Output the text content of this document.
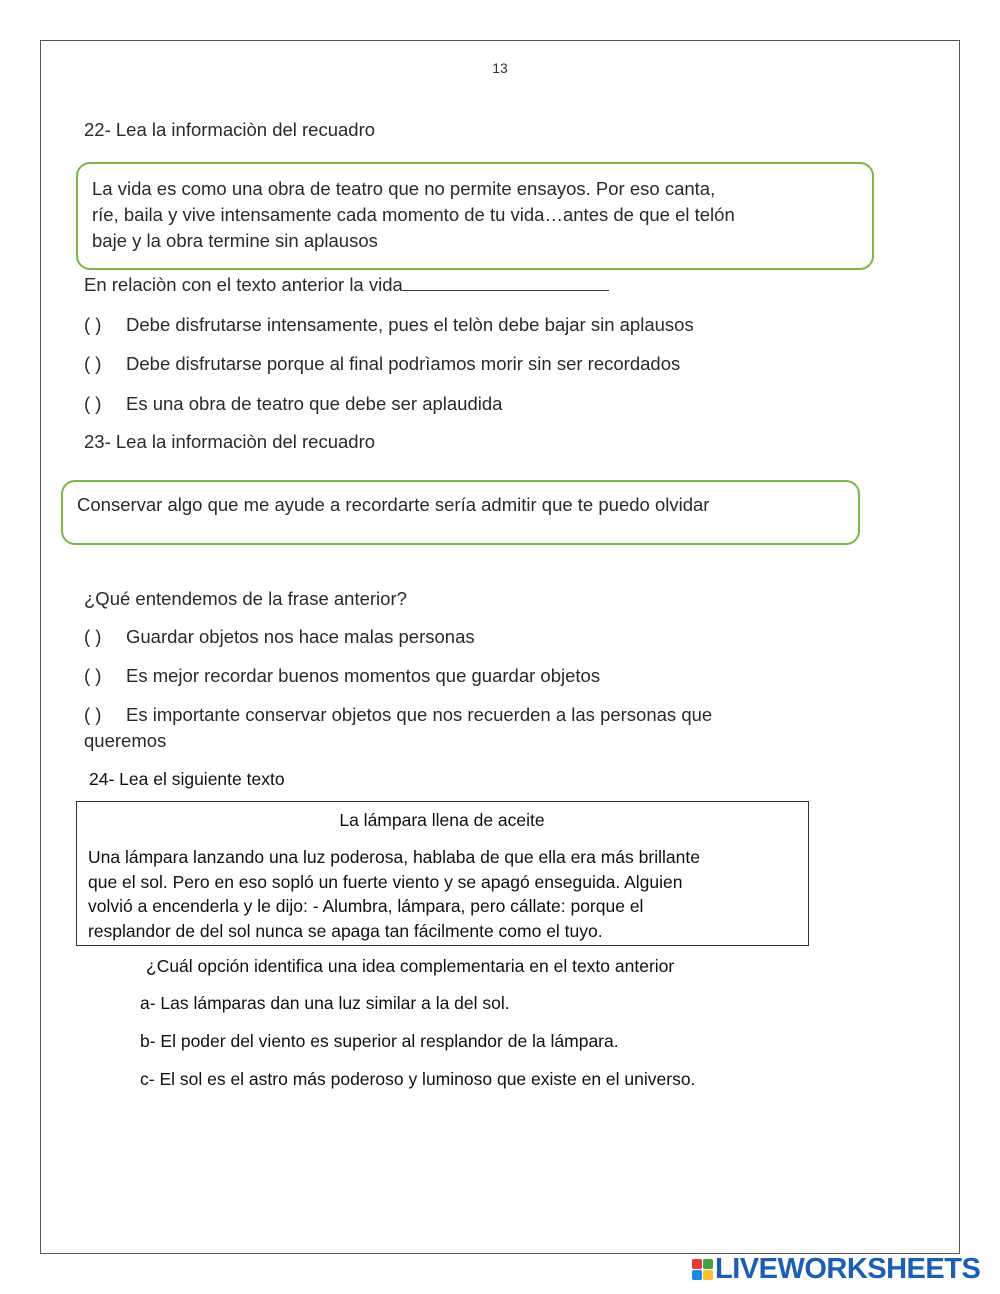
13
22- Lea la informaciòn del recuadro
La vida es como una obra de teatro que no permite ensayos. Por eso canta,
ríe, baila y vive intensamente cada momento de tu vida…antes de que el telón
baje y la obra termine sin aplausos
En relaciòn con el texto anterior la vida
( ) Debe disfrutarse intensamente, pues el telòn debe bajar sin aplausos
( ) Debe disfrutarse porque al final podrìamos morir sin ser recordados
( ) Es una obra de teatro que debe ser aplaudida
23- Lea la informaciòn del recuadro
Conservar algo que me ayude a recordarte sería admitir que te puedo olvidar
¿Qué entendemos de la frase anterior?
( ) Guardar objetos nos hace malas personas
( ) Es mejor recordar buenos momentos que guardar objetos
( ) Es importante conservar objetos que nos recuerden a las personas que
queremos
24- Lea el siguiente texto
La lámpara llena de aceite
Una lámpara lanzando una luz poderosa, hablaba de que ella era más brillante
que el sol. Pero en eso sopló un fuerte viento y se apagó enseguida. Alguien
volvió a encenderla y le dijo: - Alumbra, lámpara, pero cállate: porque el
resplandor de del sol nunca se apaga tan fácilmente como el tuyo.
¿Cuál opción identifica una idea complementaria en el texto anterior
a- Las lámparas dan una luz similar a la del sol.
b- El poder del viento es superior al resplandor de la lámpara.
c- El sol es el astro más poderoso y luminoso que existe en el universo.
LIVEWORKSHEETS
